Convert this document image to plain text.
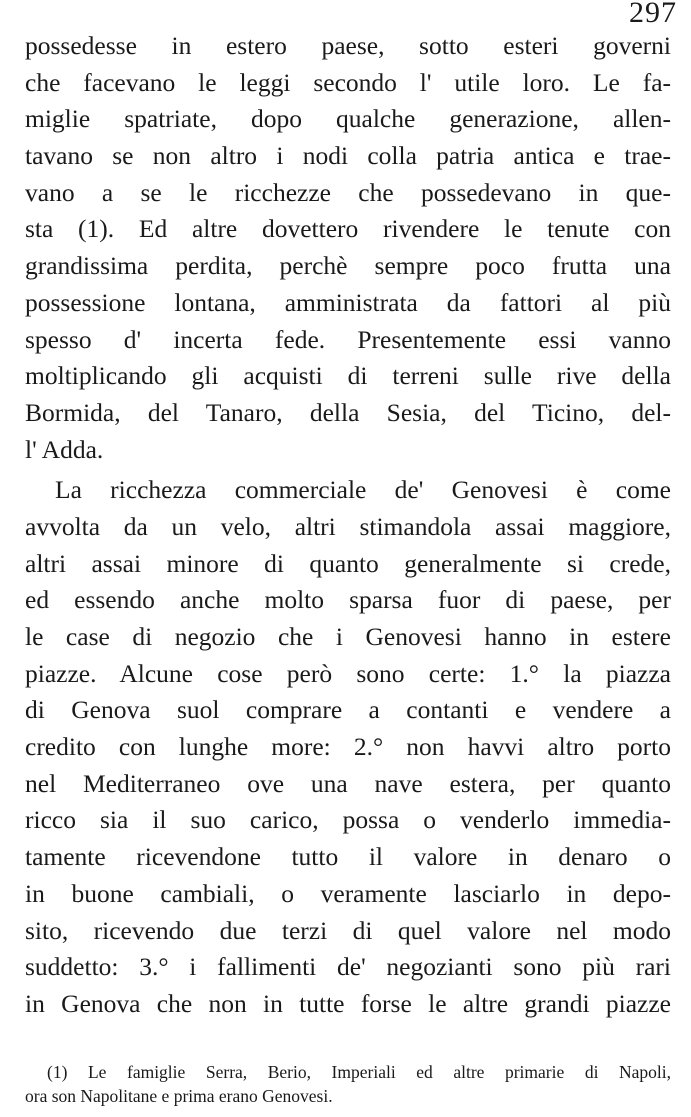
297
possedesse in estero paese, sotto esteri governi
che facevano le leggi secondo l' utile loro. Le fa-
miglie spatriate, dopo qualche generazione, allen-
tavano se non altro i nodi colla patria antica e trae-
vano a se le ricchezze che possedevano in que-
sta (1). Ed altre dovettero rivendere le tenute con
grandissima perdita, perchè sempre poco frutta una
possessione lontana, amministrata da fattori al più
spesso d' incerta fede. Presentemente essi vanno
moltiplicando gli acquisti di terreni sulle rive della
Bormida, del Tanaro, della Sesia, del Ticino, del-
l' Adda.
La ricchezza commerciale de' Genovesi è come
avvolta da un velo, altri stimandola assai maggiore,
altri assai minore di quanto generalmente si crede,
ed essendo anche molto sparsa fuor di paese, per
le case di negozio che i Genovesi hanno in estere
piazze. Alcune cose però sono certe: 1.° la piazza
di Genova suol comprare a contanti e vendere a
credito con lunghe more: 2.° non havvi altro porto
nel Mediterraneo ove una nave estera, per quanto
ricco sia il suo carico, possa o venderlo immedia-
tamente ricevendone tutto il valore in denaro o
in buone cambiali, o veramente lasciarlo in depo-
sito, ricevendo due terzi di quel valore nel modo
suddetto: 3.° i fallimenti de' negozianti sono più rari
in Genova che non in tutte forse le altre grandi piazze
(1) Le famiglie Serra, Berio, Imperiali ed altre primarie di Napoli,
ora son Napolitane e prima erano Genovesi.
